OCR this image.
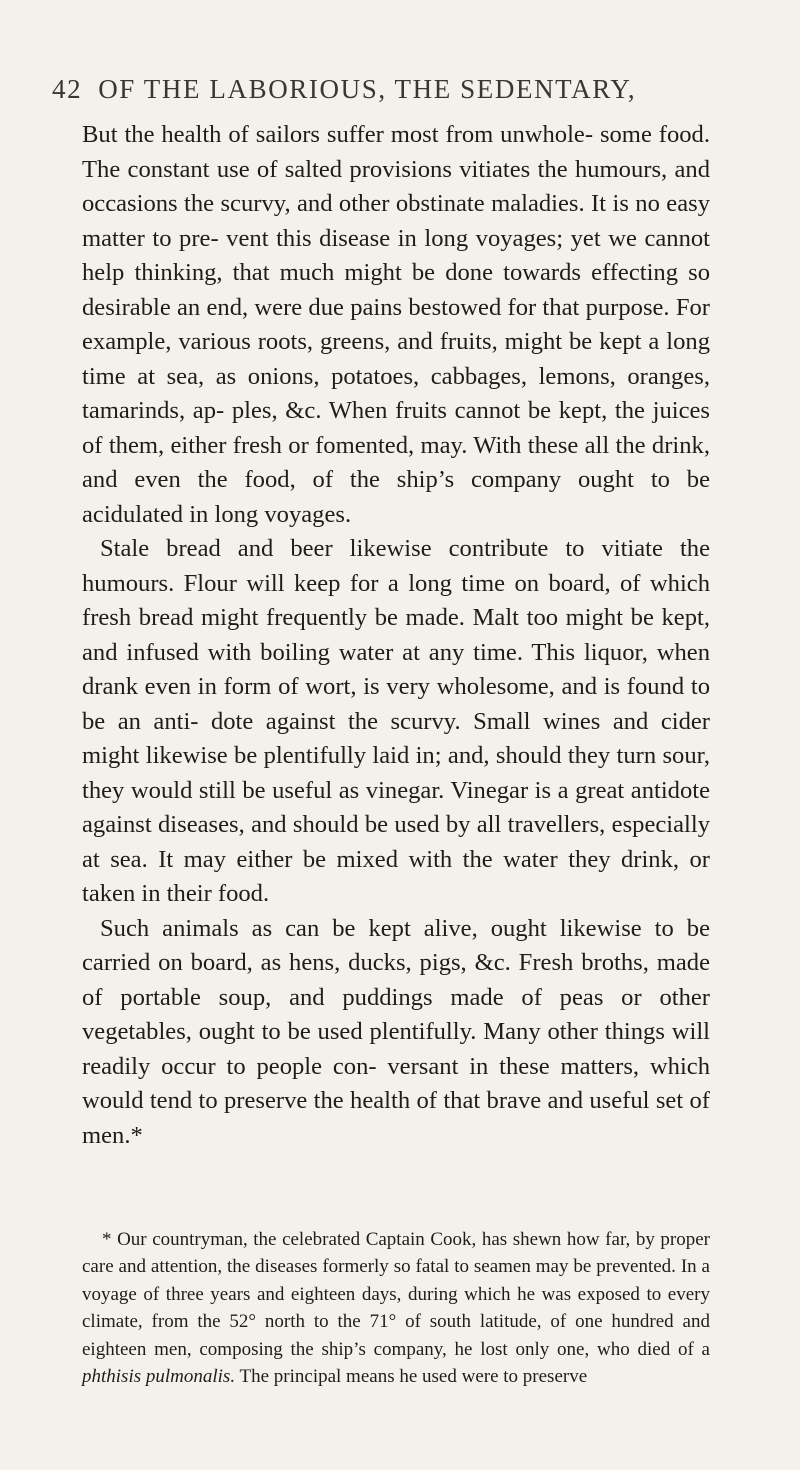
42 OF THE LABORIOUS, THE SEDENTARY,

But the health of sailors suffer most from unwhole- some food. The constant use of salted provisions vitiates the humours, and occasions the scurvy, and other obstinate maladies. It is no easy matter to pre- vent this disease in long voyages; yet we cannot help thinking, that much might be done towards effecting so desirable an end, were due pains bestowed for that purpose. For example, various roots, greens, and fruits, might be kept a long time at sea, as onions, potatoes, cabbages, lemons, oranges, tamarinds, ap- ples, &c. When fruits cannot be kept, the juices of them, either fresh or fomented, may. With these all the drink, and even the food, of the ship’s company ought to be acidulated in long voyages.

Stale bread and beer likewise contribute to vitiate the humours. Flour will keep for a long time on board, of which fresh bread might frequently be made. Malt too might be kept, and infused with boiling water at any time. This liquor, when drank even in form of wort, is very wholesome, and is found to be an anti- dote against the scurvy. Small wines and cider might likewise be plentifully laid in; and, should they turn sour, they would still be useful as vinegar. Vinegar is a great antidote against diseases, and should be used by all travellers, especially at sea. It may either be mixed with the water they drink, or taken in their food.

Such animals as can be kept alive, ought likewise to be carried on board, as hens, ducks, pigs, &c. Fresh broths, made of portable soup, and puddings made of peas or other vegetables, ought to be used plentifully. Many other things will readily occur to people con- versant in these matters, which would tend to preserve the health of that brave and useful set of men.*

* Our countryman, the celebrated Captain Cook, has shewn how far, by proper care and attention, the diseases formerly so fatal to seamen may be prevented. In a voyage of three years and eighteen days, during which he was exposed to every climate, from the 52° north to the 71° of south latitude, of one hundred and eighteen men, composing the ship’s company, he lost only one, who died of a phthisis pulmonalis. The principal means he used were to preserve
